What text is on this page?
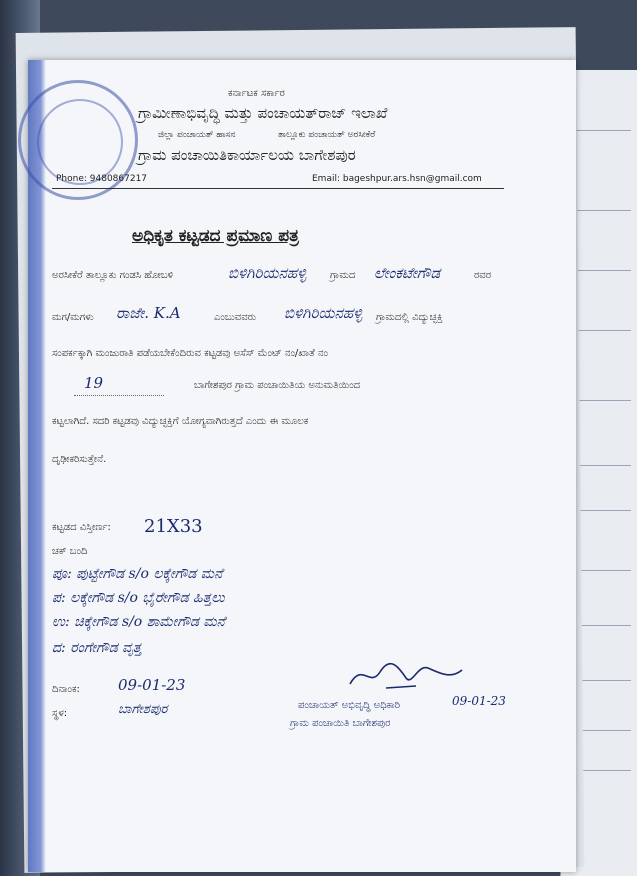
ಕರ್ನಾಟಕ ಸರ್ಕಾರ
ಗ್ರಾಮೀಣಾಭಿವೃದ್ಧಿ ಮತ್ತು ಪಂಚಾಯತ್‌ರಾಜ್ ಇಲಾಖೆ
ಜಿಲ್ಲಾ ಪಂಚಾಯತ್ ಹಾಸನ	ತಾಲ್ಲೂಕು ಪಂಚಾಯತ್ ಅರಸೀಕೆರೆ
ಗ್ರಾಮ ಪಂಚಾಯಿತಿಕಾರ್ಯಾಲಯ ಬಾಗೇಶಪುರ
Phone: 9480867217	Email: bageshpur.ars.hsn@gmail.com
ಅಧಿಕೃತ ಕಟ್ಟಡದ ಪ್ರಮಾಣ ಪತ್ರ
ಅರಸೀಕೆರೆ ತಾಲ್ಲೂಕು ಗಂಡಸಿ ಹೋಬಳಿ	ಬಿಳಿಗಿರಿಯನಹಳ್ಳಿ ಗ್ರಾಮದ ಲೇಂಕಟೇಗೌಡ	ರವರ
ಮಗ/ಮಗಳು ರಾಜೇ. K.A	ಎಂಬುವವರು ಬಿಳಿಗಿರಿಯನಹಳ್ಳಿ ಗ್ರಾಮದಲ್ಲಿ ವಿದ್ಯುಚ್ಛಕ್ತಿ
ಸಂಪರ್ಕಕ್ಕಾಗಿ ಮಂಜುರಾತಿ ಪಡೆಯಬೇಕೆಂದಿರುವ ಕಟ್ಟಡವು ಅಸೆಸ್ ಮೆಂಟ್ ನಂ/ಖಾತೆ ನಂ
19	ಬಾಗೇಶಪುರ ಗ್ರಾಮ ಪಂಚಾಯಿತಿಯ ಅನುಮತಿಯಿಂದ
ಕಟ್ಟಲಾಗಿದೆ. ಸದರಿ ಕಟ್ಟಡವು ವಿದ್ಯುಚ್ಛಕ್ತಿಗೆ ಯೋಗ್ಯವಾಗಿರುತ್ತದೆ ಎಂದು ಈ ಮೂಲಕ
ದೃಢೀಕರಿಸುತ್ತೇನೆ.
ಕಟ್ಟಡದ ವಿಸ್ತೀರ್ಣ: 21X33
ಚಕ್ ಬಂದಿ
ಪೂ: ಪುಟ್ಟೇಗೌಡ s/o ಲಕ್ಕೇಗೌಡ ಮನೆ
ಪ: ಲಕ್ಕೇಗೌಡ s/o ಭೈರೇಗೌಡ ಹಿತ್ತಲು
ಉ: ಚಿಕ್ಕೇಗೌಡ s/o ಶಾಮೇಗೌಡ ಮನೆ
ದ: ರಂಗೇಗೌಡ ವೃತ್ತ
ದಿನಾಂಕ:	09-01-23
ಸ್ಥಳ:	ಬಾಗೇಶಪುರ
09-01-23
ಪಂಚಾಯತ್ ಅಭಿವೃದ್ಧಿ ಅಧಿಕಾರಿ
ಗ್ರಾಮ ಪಂಚಾಯಿತಿ ಬಾಗೇಶಪುರ
